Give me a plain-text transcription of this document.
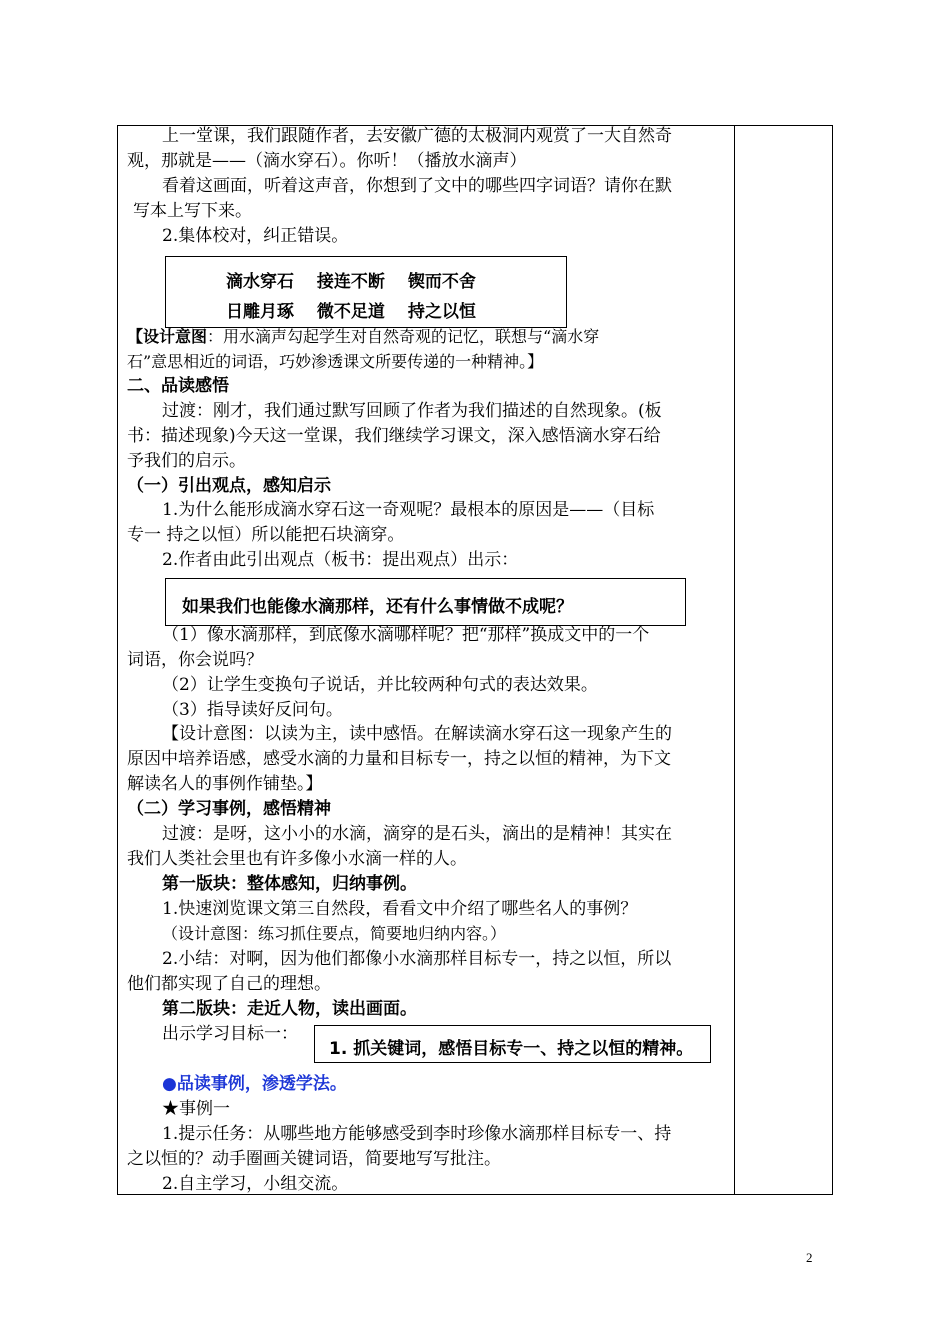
上一堂课，我们跟随作者，去安徽广德的太极洞内观赏了一大自然奇
观，那就是——（滴水穿石）。你听！（播放水滴声）
看着这画面，听着这声音，你想到了文中的哪些四字词语？请你在默
写本上写下来。
2.集体校对，纠正错误。
滴水穿石　 接连不断　 锲而不舍
日雕月琢　 微不足道　 持之以恒
【设计意图：用水滴声勾起学生对自然奇观的记忆，联想与“滴水穿
石”意思相近的词语，巧妙渗透课文所要传递的一种精神。】
二、品读感悟
过渡：刚才，我们通过默写回顾了作者为我们描述的自然现象。(板
书：描述现象)今天这一堂课，我们继续学习课文，深入感悟滴水穿石给
予我们的启示。
（一）引出观点，感知启示
1.为什么能形成滴水穿石这一奇观呢？最根本的原因是——（目标
专一 持之以恒）所以能把石块滴穿。
2.作者由此引出观点（板书：提出观点）出示：
如果我们也能像水滴那样，还有什么事情做不成呢？
（1）像水滴那样，到底像水滴哪样呢？把“那样”换成文中的一个
词语，你会说吗？
（2）让学生变换句子说话，并比较两种句式的表达效果。
（3）指导读好反问句。
【设计意图：以读为主，读中感悟。在解读滴水穿石这一现象产生的
原因中培养语感，感受水滴的力量和目标专一，持之以恒的精神，为下文
解读名人的事例作铺垫。】
（二）学习事例，感悟精神
过渡：是呀，这小小的水滴，滴穿的是石头，滴出的是精神！其实在
我们人类社会里也有许多像小水滴一样的人。
第一版块：整体感知，归纳事例。
1.快速浏览课文第三自然段，看看文中介绍了哪些名人的事例？
（设计意图：练习抓住要点，简要地归纳内容。）
2.小结：对啊，因为他们都像小水滴那样目标专一，持之以恒，所以
他们都实现了自己的理想。
第二版块：走近人物，读出画面。
出示学习目标一：
1. 抓关键词，感悟目标专一、持之以恒的精神。
●品读事例，渗透学法。
★事例一
1.提示任务：从哪些地方能够感受到李时珍像水滴那样目标专一、持
之以恒的？动手圈画关键词语，简要地写写批注。
2.自主学习，小组交流。
2
